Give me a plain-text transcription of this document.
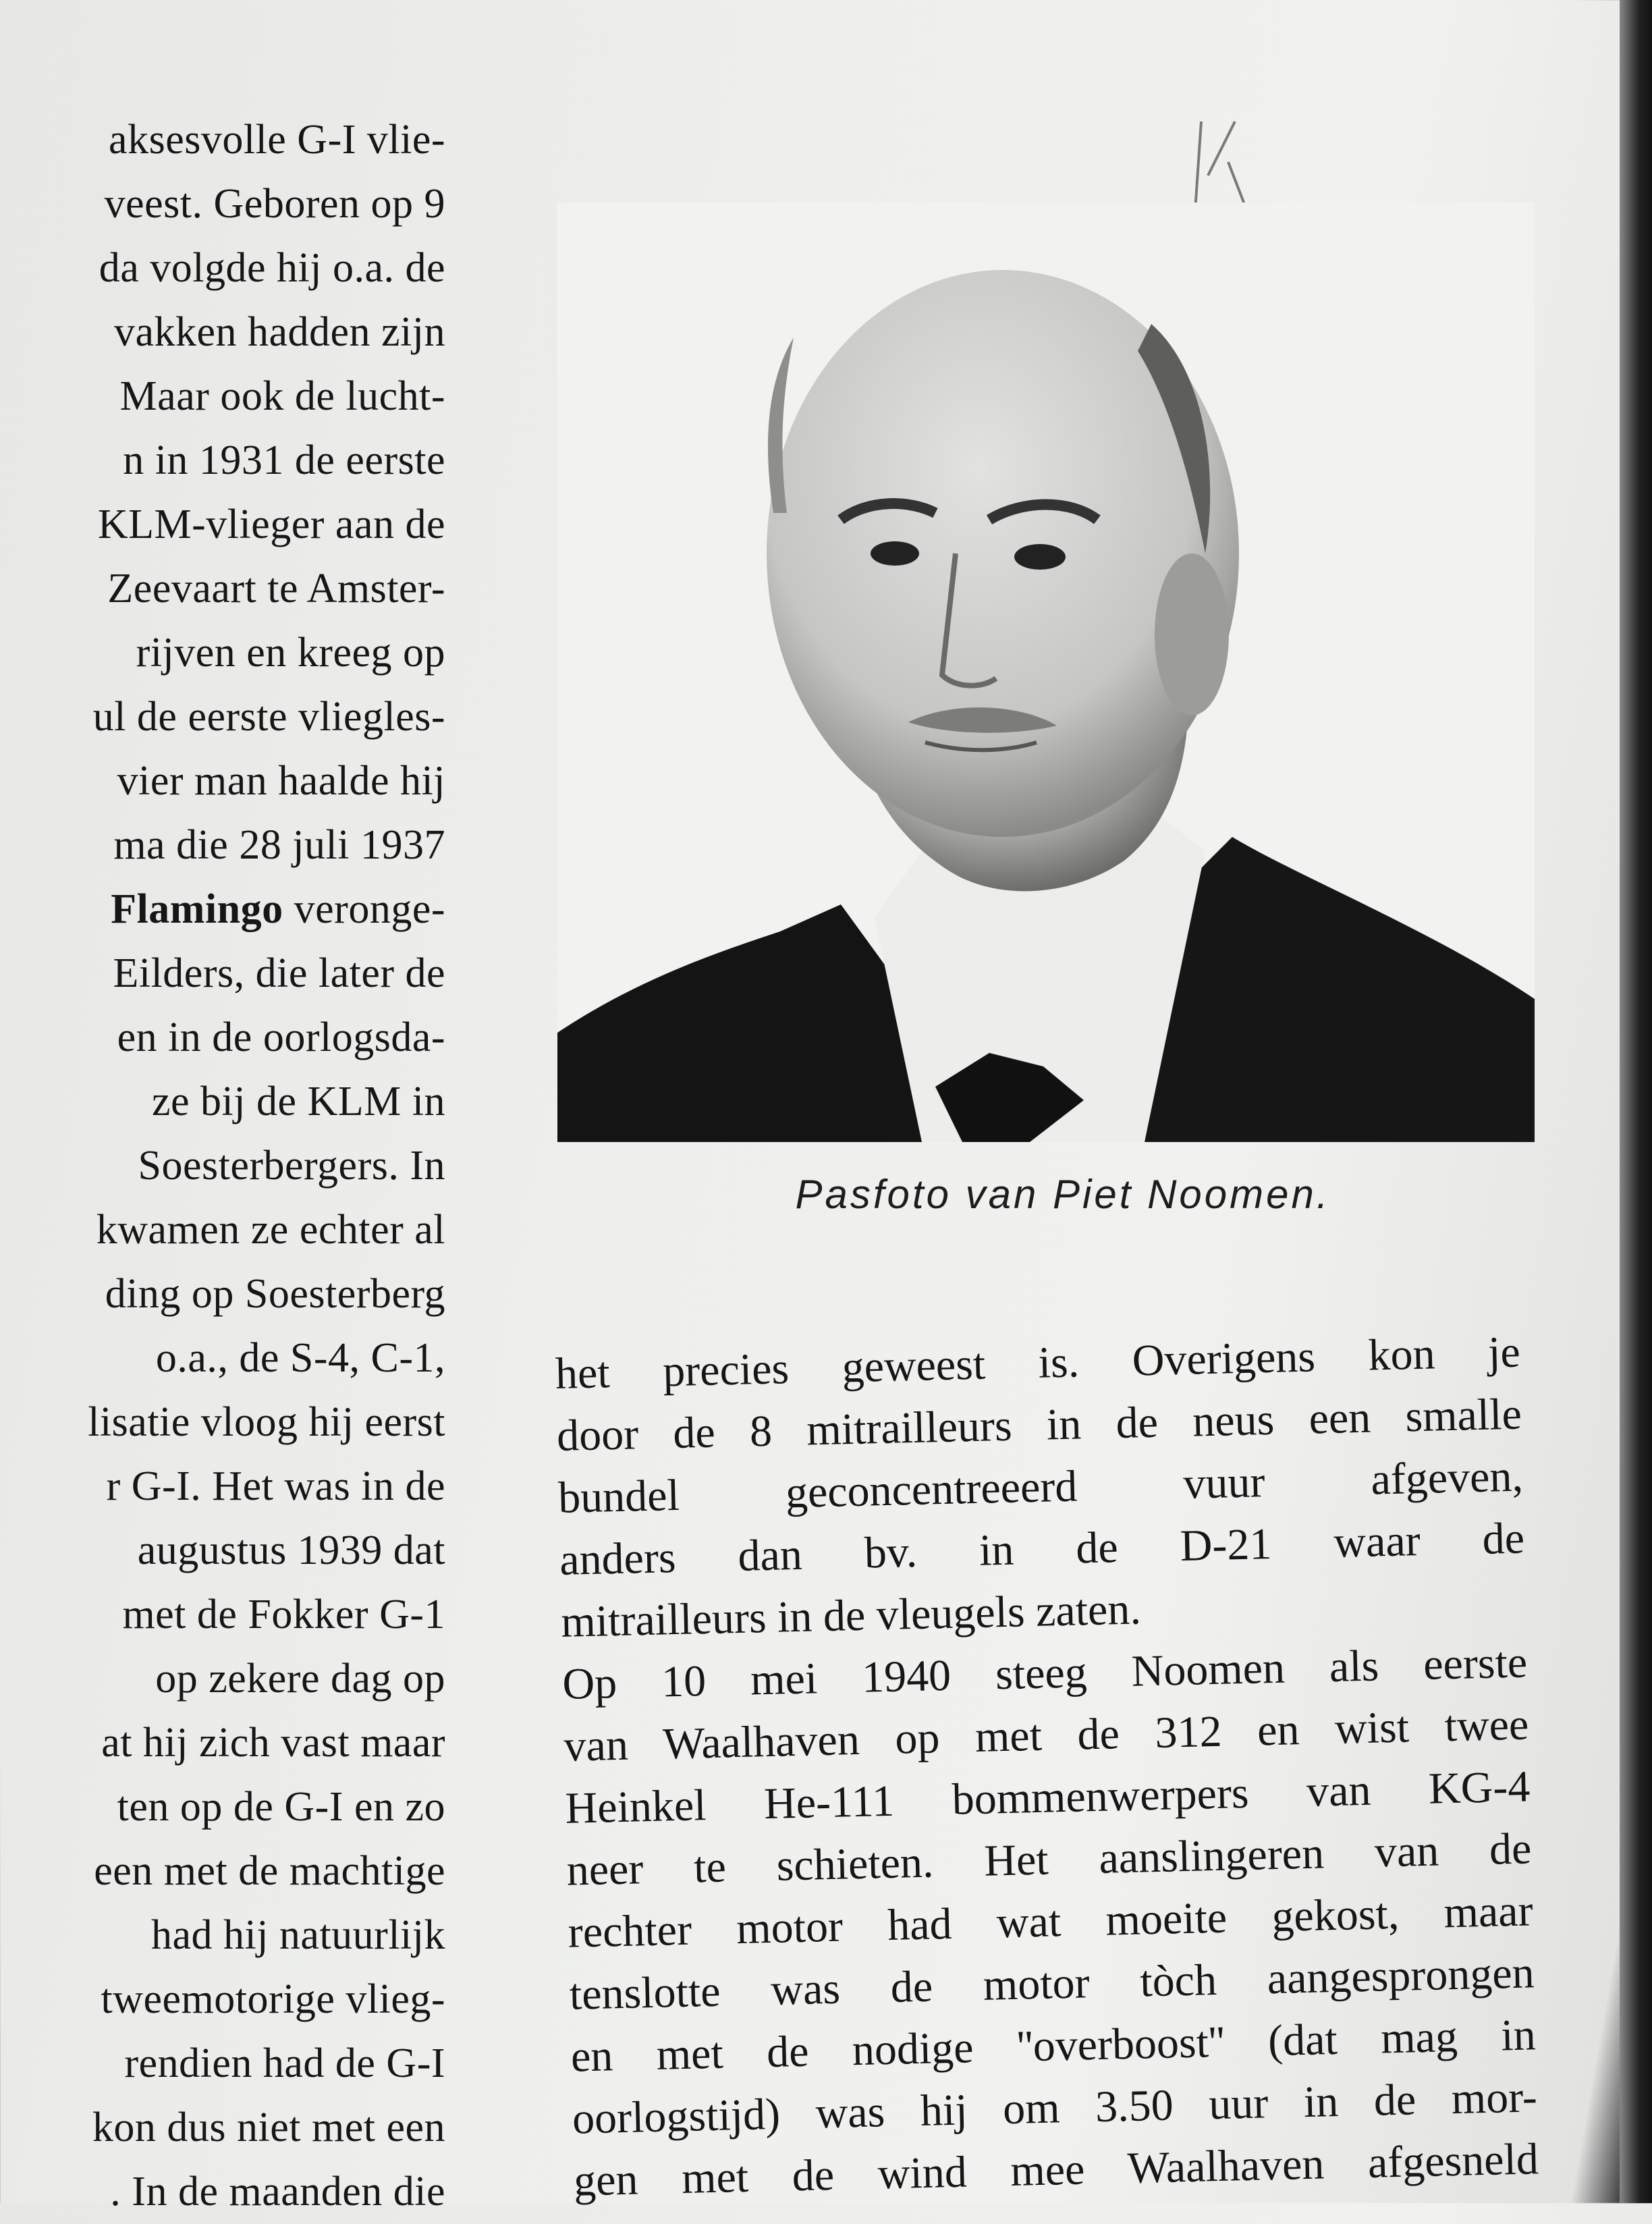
aksesvolle G-I vlie-
veest. Geboren op 9
da volgde hij o.a. de
vakken hadden zijn
Maar ook de lucht-
n in 1931 de eerste
KLM-vlieger aan de
Zeevaart te Amster-
rijven en kreeg op
ul de eerste vliegles-
vier man haalde hij
ma die 28 juli 1937
Flamingo veronge-
Eilders, die later de
en in de oorlogsda-
ze bij de KLM in
Soesterbergers. In
kwamen ze echter al
ding op Soesterberg
o.a., de S-4, C-1,
lisatie vloog hij eerst
r G-I. Het was in de
augustus 1939 dat
met de Fokker G-1
op zekere dag op
at hij zich vast maar
ten op de G-I en zo
een met de machtige
had hij natuurlijk
tweemotorige vlieg-
rendien had de G-I
kon dus niet met een
. In de maanden die
Pasfoto van Piet Noomen.
het precies geweest is. Overigens kon je
door de 8 mitrailleurs in de neus een smalle
bundel geconcentreeerd vuur afgeven,
anders dan bv. in de D-21 waar de
mitrailleurs in de vleugels zaten.
Op 10 mei 1940 steeg Noomen als eerste
van Waalhaven op met de 312 en wist twee
Heinkel He-111 bommenwerpers van KG-4
neer te schieten. Het aanslingeren van de
rechter motor had wat moeite gekost, maar
tenslotte was de motor tòch aangesprongen
en met de nodige ''overboost'' (dat mag in
oorlogstijd) was hij om 3.50 uur in de mor-
gen met de wind mee Waalhaven afgesneld
